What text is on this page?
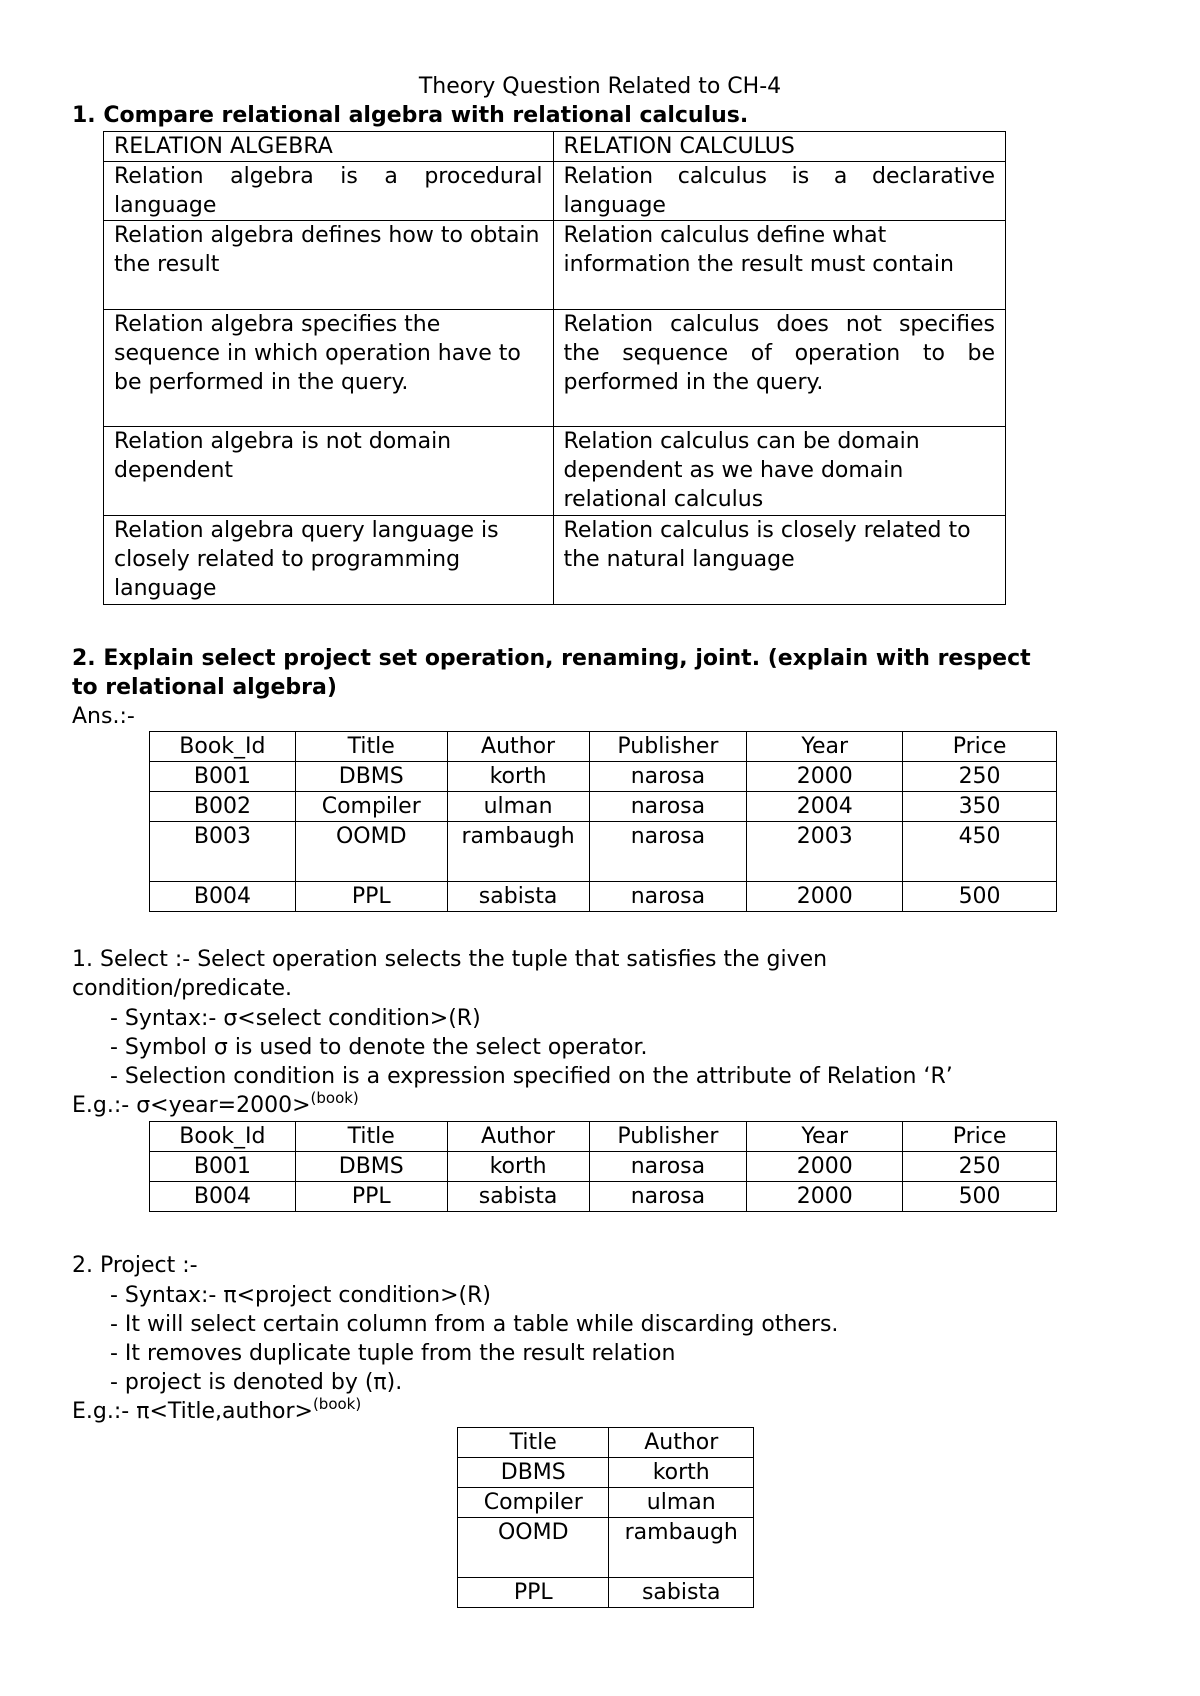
Theory Question Related to CH-4
1. Compare relational algebra with relational calculus.
RELATION ALGEBRA	RELATION CALCULUS
Relation algebra is a procedural language	Relation calculus is a declarative language
Relation algebra defines how to obtain the result	Relation calculus define what information the result must contain
Relation algebra specifies the sequence in which operation have to be performed in the query.	Relation calculus does not specifies the sequence of operation to be performed in the query.
Relation algebra is not domain dependent	Relation calculus can be domain dependent as we have domain relational calculus
Relation algebra query language is closely related to programming language	Relation calculus is closely related to the natural language
2. Explain select project set operation, renaming, joint. (explain with respect
to relational algebra)
Ans.:-
Book_Id	Title	Author	Publisher	Year	Price
B001	DBMS	korth	narosa	2000	250
B002	Compiler	ulman	narosa	2004	350
B003	OOMD	rambaugh	narosa	2003	450
B004	PPL	sabista	narosa	2000	500
1. Select :- Select operation selects the tuple that satisfies the given
condition/predicate.
- Syntax:- σ<select condition>(R)
- Symbol σ is used to denote the select operator.
- Selection condition is a expression specified on the attribute of Relation ‘R’
E.g.:- σ<year=2000>$^{(book)}$
Book_Id	Title	Author	Publisher	Year	Price
B001	DBMS	korth	narosa	2000	250
B004	PPL	sabista	narosa	2000	500
2. Project :-
- Syntax:- π<project condition>(R)
- It will select certain column from a table while discarding others.
- It removes duplicate tuple from the result relation
- project is denoted by (π).
E.g.:- π<Title,author>$^{(book)}$
Title	Author
DBMS	korth
Compiler	ulman
OOMD	rambaugh
PPL	sabista
